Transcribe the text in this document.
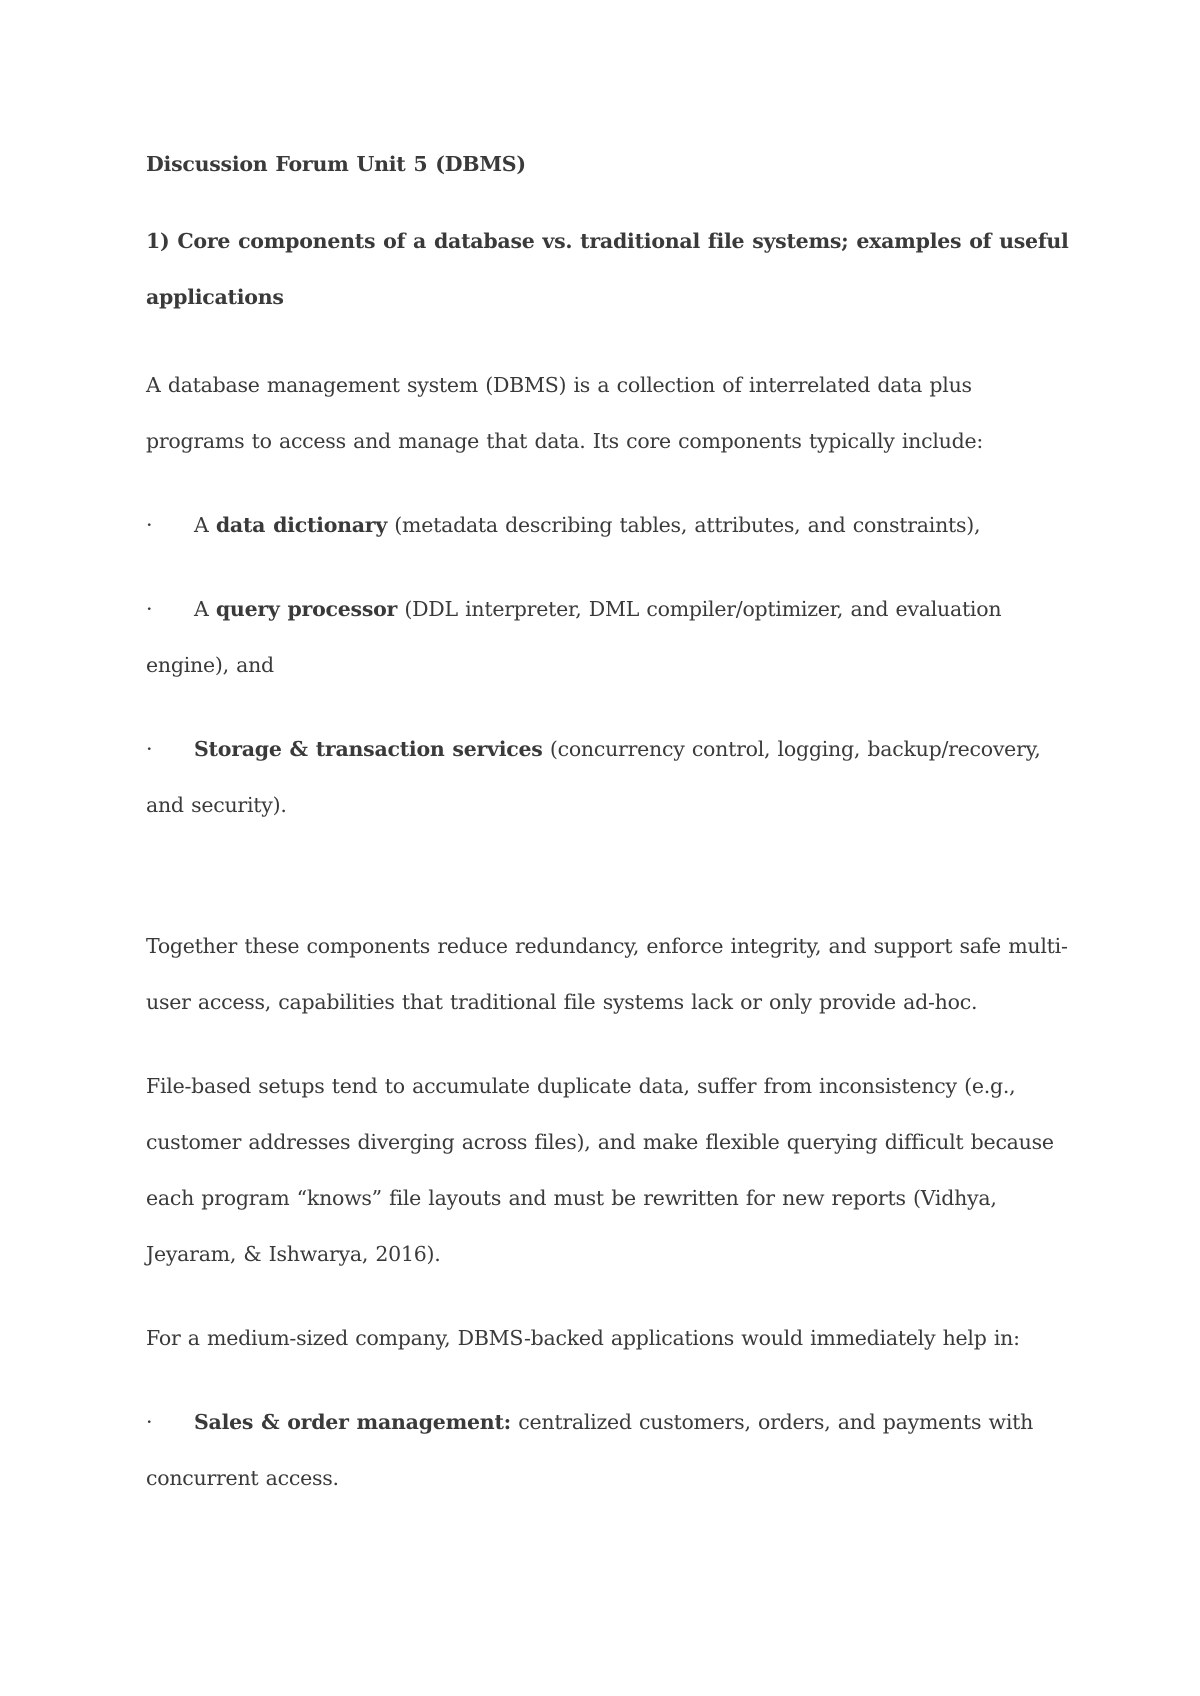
Discussion Forum Unit 5 (DBMS)

1) Core components of a database vs. traditional file systems; examples of useful applications

A database management system (DBMS) is a collection of interrelated data plus programs to access and manage that data. Its core components typically include:

· A data dictionary (metadata describing tables, attributes, and constraints),

· A query processor (DDL interpreter, DML compiler/optimizer, and evaluation engine), and

· Storage & transaction services (concurrency control, logging, backup/recovery, and security).

Together these components reduce redundancy, enforce integrity, and support safe multi-user access, capabilities that traditional file systems lack or only provide ad-hoc.

File-based setups tend to accumulate duplicate data, suffer from inconsistency (e.g., customer addresses diverging across files), and make flexible querying difficult because each program “knows” file layouts and must be rewritten for new reports (Vidhya, Jeyaram, & Ishwarya, 2016).

For a medium-sized company, DBMS-backed applications would immediately help in:

· Sales & order management: centralized customers, orders, and payments with concurrent access.
